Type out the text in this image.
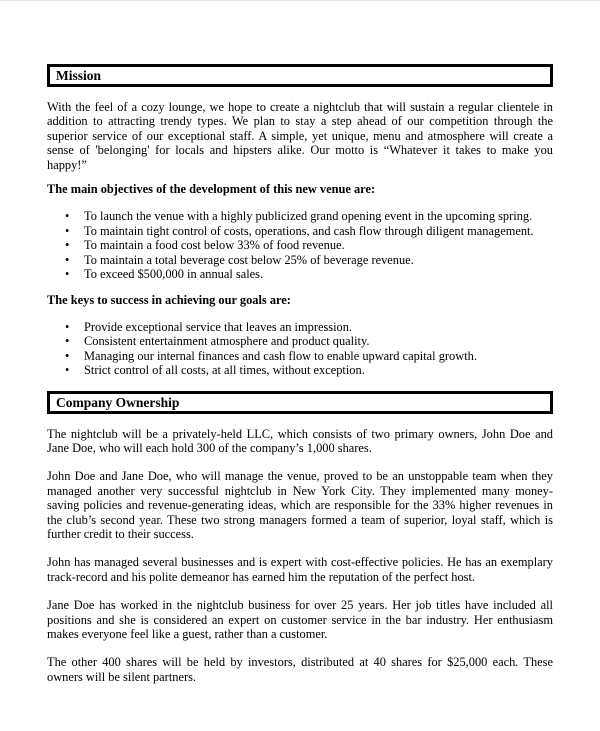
Mission

With the feel of a cozy lounge, we hope to create a nightclub that will sustain a regular clientele in addition to attracting trendy types. We plan to stay a step ahead of our competition through the superior service of our exceptional staff. A simple, yet unique, menu and atmosphere will create a sense of 'belonging' for locals and hipsters alike. Our motto is “Whatever it takes to make you happy!”

The main objectives of the development of this new venue are:

• To launch the venue with a highly publicized grand opening event in the upcoming spring.
• To maintain tight control of costs, operations, and cash flow through diligent management.
• To maintain a food cost below 33% of food revenue.
• To maintain a total beverage cost below 25% of beverage revenue.
• To exceed $500,000 in annual sales.

The keys to success in achieving our goals are:

• Provide exceptional service that leaves an impression.
• Consistent entertainment atmosphere and product quality.
• Managing our internal finances and cash flow to enable upward capital growth.
• Strict control of all costs, at all times, without exception.
Company Ownership

The nightclub will be a privately-held LLC, which consists of two primary owners, John Doe and Jane Doe, who will each hold 300 of the company’s 1,000 shares.

John Doe and Jane Doe, who will manage the venue, proved to be an unstoppable team when they managed another very successful nightclub in New York City. They implemented many money-saving policies and revenue-generating ideas, which are responsible for the 33% higher revenues in the club’s second year. These two strong managers formed a team of superior, loyal staff, which is further credit to their success.

John has managed several businesses and is expert with cost-effective policies. He has an exemplary track-record and his polite demeanor has earned him the reputation of the perfect host.

Jane Doe has worked in the nightclub business for over 25 years. Her job titles have included all positions and she is considered an expert on customer service in the bar industry. Her enthusiasm makes everyone feel like a guest, rather than a customer.

The other 400 shares will be held by investors, distributed at 40 shares for $25,000 each. These owners will be silent partners.
